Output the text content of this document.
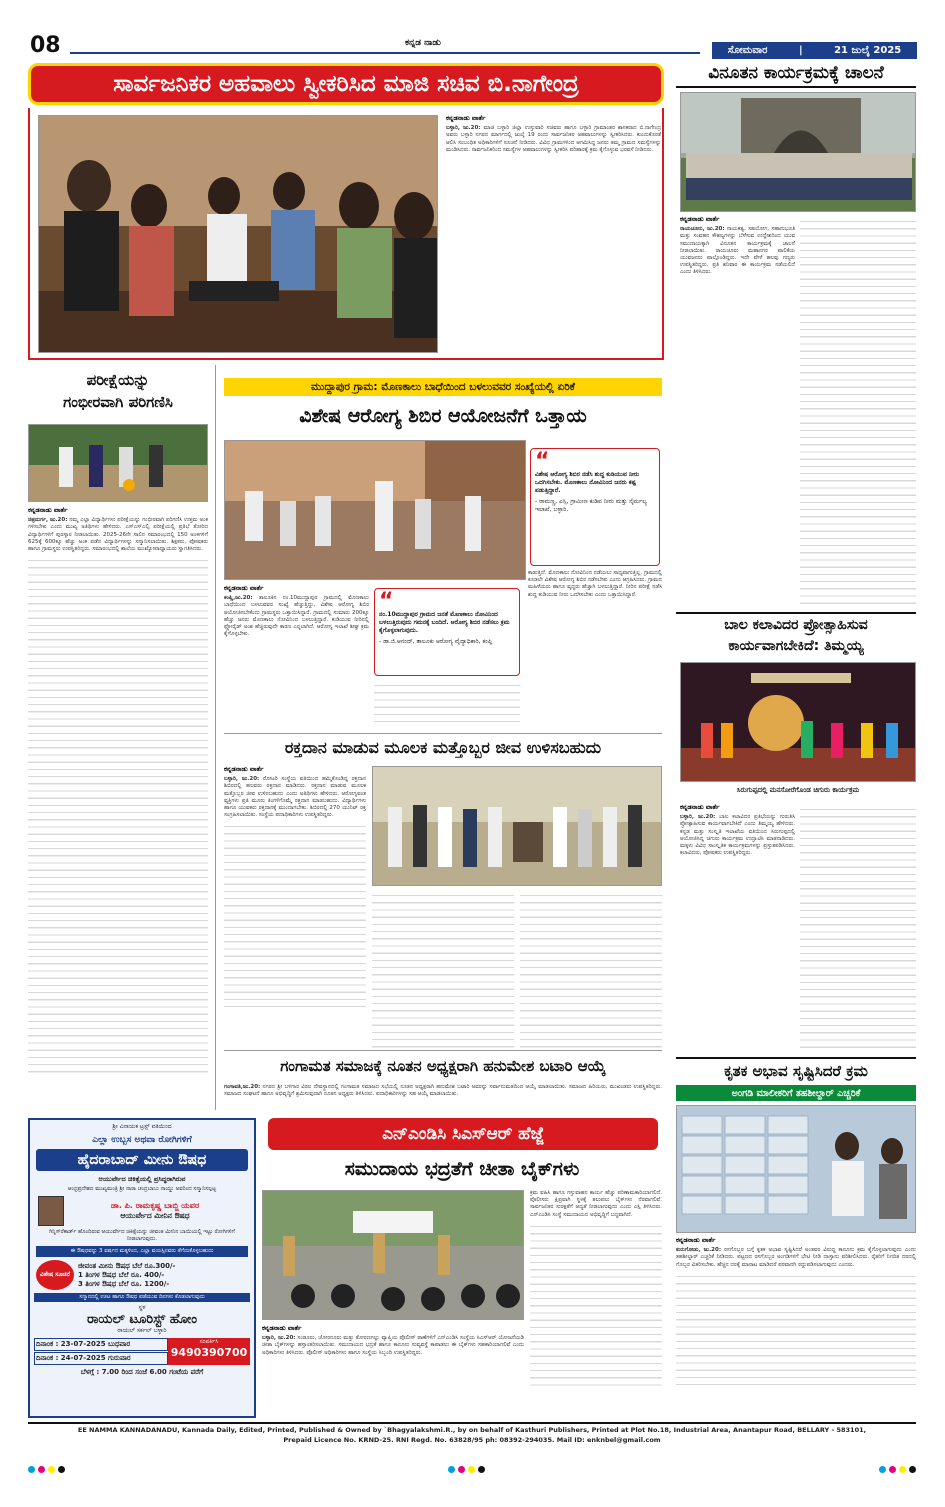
08	ಕನ್ನಡ ನಾಡು
ಸೋಮವಾರ	|	21 ಜುಲೈ 2025
ಸಾರ್ವಜನಿಕರ ಅಹವಾಲು ಸ್ವೀಕರಿಸಿದ ಮಾಜಿ ಸಚಿವ ಬಿ.ನಾಗೇಂದ್ರ

ಕನ್ನಡನಾಡು ವಾರ್ತೆ

ಬಳ್ಳಾರಿ, ಜು.20: ಮಾಜಿ ಬಳ್ಳಾರಿ ಜಿಲ್ಲಾ ಉಸ್ತುವಾರಿ ಸಚಿವರು ಹಾಗೂ ಬಳ್ಳಾರಿ ಗ್ರಾಮಾಂತರ ಶಾಸಕರಾದ ಬಿ.ನಾಗೇಂದ್ರ ಅವರು ಬಳ್ಳಾರಿ ನಗರದ ಮಾರ್ಗದಲ್ಲಿ ಜುಲೈ 19 ರಂದು ಸಾರ್ವಜನಿಕರ ಅಹವಾಲುಗಳನ್ನು ಸ್ವೀಕರಿಸಿದರು. ಕುಂದುಕೊರತೆ ಆಲಿಸಿ ಸಂಬಂಧಿತ ಅಧಿಕಾರಿಗಳಿಗೆ ಸೂಚನೆ ನೀಡಿದರು. ವಿವಿಧ ಗ್ರಾಮಗಳಿಂದ ಆಗಮಿಸಿದ್ದ ಜನರು ತಮ್ಮ ಗ್ರಾಮದ ಸಮಸ್ಯೆಗಳನ್ನು ಮಂಡಿಸಿದರು. ಸಾರ್ವಜನಿಕರಿಂದ ಸಮಸ್ಯೆಗಳ ಅಹವಾಲುಗಳನ್ನು ಸ್ವೀಕರಿಸಿ ಪರಿಹಾರಕ್ಕೆ ಕ್ರಮ ಕೈಗೊಳ್ಳುವ ಭರವಸೆ ನೀಡಿದರು.

ವಿನೂತನ ಕಾರ್ಯಕ್ರಮಕ್ಕೆ ಚಾಲನೆ

ಕನ್ನಡನಾಡು ವಾರ್ತೆ

ರಾಯಚೂರು, ಜು.20: ನಾಯಕತ್ವ, ಸಹಯೋಗ, ಸಹಾನುಭೂತಿ ಮತ್ತು ಸಂವಹನ ಕೌಶಲ್ಯಗಳನ್ನು ಬೆಳೆಸುವ ಉದ್ದೇಶದಿಂದ ಯುವ ಸಮುದಾಯಕ್ಕಾಗಿ ವಿನೂತನ ಕಾರ್ಯಕ್ರಮಕ್ಕೆ ಚಾಲನೆ ನೀಡಲಾಯಿತು. ರಾಯಚೂರು ಮಹಾನಗರ ಪಾಲಿಕೆಯ ಯುವಜನರು ಪಾಲ್ಗೊಂಡಿದ್ದರು. ಇದೇ ವೇಳೆ ಹಲವು ಗಣ್ಯರು ಉಪಸ್ಥಿತರಿದ್ದರು. ಪ್ರತಿ ಶನಿವಾರ ಈ ಕಾರ್ಯಕ್ರಮ ನಡೆಯಲಿದೆ ಎಂದು ತಿಳಿಸಿದರು.

ಪರೀಕ್ಷೆಯನ್ನು
ಗಂಭೀರವಾಗಿ ಪರಿಗಣಿಸಿ

ಕನ್ನಡನಾಡು ವಾರ್ತೆ

ಚಿತ್ರದುರ್ಗ, ಜು.20: ನಮ್ಮ ಎಲ್ಲಾ ವಿದ್ಯಾರ್ಥಿಗಳು ಪರೀಕ್ಷೆಯನ್ನು ಗಂಭೀರವಾಗಿ ಪರಿಗಣಿಸಿ ಉತ್ತಮ ಅಂಕ ಗಳಿಸಬೇಕು ಎಂದು ಮುಖ್ಯ ಅತಿಥಿಗಳು ಹೇಳಿದರು. ಎಸ್ಎಸ್ಎಲ್ಸಿ ಪರೀಕ್ಷೆಯಲ್ಲಿ ಪ್ರತಿಭೆ ತೋರಿದ ವಿದ್ಯಾರ್ಥಿಗಳಿಗೆ ಪುರಸ್ಕಾರ ನೀಡಲಾಯಿತು. 2025-26ನೇ ಸಾಲಿನ ಸಮಾರಂಭದಲ್ಲಿ 150 ಅಂಕಗಳಿಗೆ 625ಕ್ಕೆ 600ಕ್ಕೂ ಹೆಚ್ಚು ಅಂಕ ಪಡೆದ ವಿದ್ಯಾರ್ಥಿಗಳನ್ನು ಸನ್ಮಾನಿಸಲಾಯಿತು. ಶಿಕ್ಷಕರು, ಪೋಷಕರು ಹಾಗೂ ಗ್ರಾಮಸ್ಥರು ಉಪಸ್ಥಿತರಿದ್ದರು. ಸಮಾರಂಭದಲ್ಲಿ ಶಾಲೆಯ ಮುಖ್ಯೋಪಾಧ್ಯಾಯರು ಸ್ವಾಗತಿಸಿದರು.

ಮುದ್ದಾಪುರ ಗ್ರಾಮ: ಮೊಣಕಾಲು ಬಾಧೆಯಿಂದ ಬಳಲುವವರ ಸಂಖ್ಯೆಯಲ್ಲಿ ಏರಿಕೆ
ವಿಶೇಷ ಆರೋಗ್ಯ ಶಿಬಿರ ಆಯೋಜನೆಗೆ ಒತ್ತಾಯ
“
ವಿಶೇಷ ಆರೋಗ್ಯ ಶಿಬಿರ ನಡೆಸಿ ಶುದ್ಧ ಕುಡಿಯುವ ನೀರು ಒದಗಿಸಬೇಕು. ಮೊಣಕಾಲು ನೋವಿನಿಂದ ಜನರು ಕಷ್ಟ ಪಡುತ್ತಿದ್ದಾರೆ.
- ರಾಮಣ್ಣ, ಎಸ್ಸಿ, ಗ್ರಾಮೀಣ ಕುಡಿವ ನೀರು ಮತ್ತು ನೈರ್ಮಲ್ಯ ಇಲಾಖೆ, ಬಳ್ಳಾರಿ.

ಕನ್ನಡನಾಡು ವಾರ್ತೆ

ಕಂಪ್ಲಿ,ಜು.20: ತಾಲೂಕಿನ ನಂ.10ಮುದ್ದಾಪುರ ಗ್ರಾಮದಲ್ಲಿ ಮೊಣಕಾಲು ಬಾಧೆಯಿಂದ ಬಳಲುವವರ ಸಂಖ್ಯೆ ಹೆಚ್ಚುತ್ತಿದ್ದು, ವಿಶೇಷ ಆರೋಗ್ಯ ಶಿಬಿರ ಆಯೋಜಿಸಬೇಕೆಂದು ಗ್ರಾಮಸ್ಥರು ಒತ್ತಾಯಿಸಿದ್ದಾರೆ. ಗ್ರಾಮದಲ್ಲಿ ಸುಮಾರು 200ಕ್ಕೂ ಹೆಚ್ಚು ಜನರು ಮೊಣಕಾಲು ನೋವಿನಿಂದ ಬಳಲುತ್ತಿದ್ದಾರೆ. ಕುಡಿಯುವ ನೀರಿನಲ್ಲಿ ಫ್ಲೋರೈಡ್ ಅಂಶ ಹೆಚ್ಚಿರುವುದೇ ಕಾರಣ ಎನ್ನಲಾಗಿದೆ. ಆರೋಗ್ಯ ಇಲಾಖೆ ಶೀಘ್ರ ಕ್ರಮ ಕೈಗೊಳ್ಳಬೇಕು.

“
ನಂ.10ಮುದ್ದಾಪುರ ಗ್ರಾಮದ ಜನತೆ ಮೊಣಕಾಲು ನೋವಿನಿಂದ ಬಳಲುತ್ತಿರುವುದು ಗಮನಕ್ಕೆ ಬಂದಿದೆ. ಆರೋಗ್ಯ ಶಿಬಿರ ನಡೆಸಲು ಕ್ರಮ ಕೈಗೊಳ್ಳಲಾಗುವುದು.
- ಡಾ.ಜಿ.ಆನಂದ್, ತಾಲೂಕು ಆರೋಗ್ಯ ವೈದ್ಯಾಧಿಕಾರಿ, ಕಂಪ್ಲಿ
ಕಾಡುತ್ತಿದೆ. ಮೊಣಕಾಲು ನೋವಿನಿಂದ ನಡೆಯಲು ಸಾಧ್ಯವಾಗುತ್ತಿಲ್ಲ. ಗ್ರಾಮದಲ್ಲಿ ಕೂಡಲೇ ವಿಶೇಷ ಆರೋಗ್ಯ ಶಿಬಿರ ನಡೆಸಬೇಕು ಎಂದು ಆಗ್ರಹಿಸಿದರು. ಗ್ರಾಮದ ಮಹಿಳೆಯರು ಹಾಗೂ ವೃದ್ಧರು ಹೆಚ್ಚಾಗಿ ಬಳಲುತ್ತಿದ್ದಾರೆ. ನೀರಿನ ಪರೀಕ್ಷೆ ನಡೆಸಿ ಶುದ್ಧ ಕುಡಿಯುವ ನೀರು ಒದಗಿಸಬೇಕು ಎಂದು ಒತ್ತಾಯಿಸಿದ್ದಾರೆ.
ರಕ್ತದಾನ ಮಾಡುವ ಮೂಲಕ ಮತ್ತೊಬ್ಬರ ಜೀವ ಉಳಿಸಬಹುದು

ಕನ್ನಡನಾಡು ವಾರ್ತೆ

ಬಳ್ಳಾರಿ, ಜು.20: ರೋಟರಿ ಸಂಸ್ಥೆಯ ವತಿಯಿಂದ ಹಮ್ಮಿಕೊಂಡಿದ್ದ ರಕ್ತದಾನ ಶಿಬಿರದಲ್ಲಿ ಹಲವರು ರಕ್ತದಾನ ಮಾಡಿದರು. ರಕ್ತದಾನ ಮಾಡುವ ಮೂಲಕ ಮತ್ತೊಬ್ಬರ ಜೀವ ಉಳಿಸಬಹುದು ಎಂದು ಅತಿಥಿಗಳು ಹೇಳಿದರು. ಆರೋಗ್ಯವಂತ ವ್ಯಕ್ತಿಗಳು ಪ್ರತಿ ಮೂರು ತಿಂಗಳಿಗೊಮ್ಮೆ ರಕ್ತದಾನ ಮಾಡಬಹುದು. ವಿದ್ಯಾರ್ಥಿಗಳು ಹಾಗೂ ಯುವಕರು ರಕ್ತದಾನಕ್ಕೆ ಮುಂದಾಗಬೇಕು. ಶಿಬಿರದಲ್ಲಿ 270 ಯುನಿಟ್ ರಕ್ತ ಸಂಗ್ರಹಿಸಲಾಯಿತು. ಸಂಸ್ಥೆಯ ಪದಾಧಿಕಾರಿಗಳು ಉಪಸ್ಥಿತರಿದ್ದರು.

ಗಂಗಾಮತ ಸಮಾಜಕ್ಕೆ ನೂತನ ಅಧ್ಯಕ್ಷರಾಗಿ ಹನುಮೇಶ ಬಟಾರಿ ಆಯ್ಕೆ
ಗಂಗಾವತಿ,ಜು.20: ನಗರದ ಶ್ರೀ ಬಳಿಗಾರ ವಿಠಲ ದೇವಸ್ಥಾನದಲ್ಲಿ ಗಂಗಾಮತ ಸಮಾಜದ ಸಭೆಯಲ್ಲಿ ನೂತನ ಅಧ್ಯಕ್ಷರಾಗಿ ಹನುಮೇಶ ಬಟಾರಿ ಅವರನ್ನು ಸರ್ವಾನುಮತದಿಂದ ಆಯ್ಕೆ ಮಾಡಲಾಯಿತು. ಸಮಾಜದ ಹಿರಿಯರು, ಮುಖಂಡರು ಉಪಸ್ಥಿತರಿದ್ದರು. ಸಮಾಜದ ಸಂಘಟನೆ ಹಾಗೂ ಅಭಿವೃದ್ಧಿಗೆ ಶ್ರಮಿಸುವುದಾಗಿ ನೂತನ ಅಧ್ಯಕ್ಷರು ತಿಳಿಸಿದರು. ಪದಾಧಿಕಾರಿಗಳನ್ನು ಸಹ ಆಯ್ಕೆ ಮಾಡಲಾಯಿತು.
ಬಾಲ ಕಲಾವಿದರ ಪ್ರೋತ್ಸಾಹಿಸುವ
ಕಾರ್ಯವಾಗಬೇಕಿದೆ: ತಿಮ್ಮಯ್ಯ
ಸಿರುಗುಪ್ಪದಲ್ಲಿ ಮನಸೋರೆಗೊಂಡ ಚಿಗುರು ಕಾರ್ಯಕ್ರಮ

ಕನ್ನಡನಾಡು ವಾರ್ತೆ

ಬಳ್ಳಾರಿ, ಜು.20: ಬಾಲ ಕಲಾವಿದರ ಪ್ರತಿಭೆಯನ್ನು ಗುರುತಿಸಿ ಪ್ರೋತ್ಸಾಹಿಸುವ ಕಾರ್ಯವಾಗಬೇಕಿದೆ ಎಂದು ತಿಮ್ಮಯ್ಯ ಹೇಳಿದರು. ಕನ್ನಡ ಮತ್ತು ಸಂಸ್ಕೃತಿ ಇಲಾಖೆಯ ವತಿಯಿಂದ ಸಿರುಗುಪ್ಪದಲ್ಲಿ ಆಯೋಜಿಸಿದ್ದ ಚಿಗುರು ಕಾರ್ಯಕ್ರಮ ಉದ್ಘಾಟಿಸಿ ಮಾತನಾಡಿದರು. ಮಕ್ಕಳು ವಿವಿಧ ಸಾಂಸ್ಕೃತಿಕ ಕಾರ್ಯಕ್ರಮಗಳನ್ನು ಪ್ರಸ್ತುತಪಡಿಸಿದರು. ಕಲಾವಿದರು, ಪೋಷಕರು ಉಪಸ್ಥಿತರಿದ್ದರು.

ಕೃತಕ ಅಭಾವ ಸೃಷ್ಟಿಸಿದರೆ ಕ್ರಮ
ಅಂಗಡಿ ಮಾಲೀಕರಿಗೆ ತಹಶೀಲ್ದಾರ್ ಎಚ್ಚರಿಕೆ

ಕನ್ನಡನಾಡು ವಾರ್ತೆ

ಕುರುಗೋಡು, ಜು.20: ರಸಗೊಬ್ಬರ ಬಗ್ಗೆ ಕೃತಕ ಅಭಾವ ಸೃಷ್ಟಿಸಿದರೆ ಅಂತವರ ವಿರುದ್ಧ ಕಾನೂನು ಕ್ರಮ ಕೈಗೊಳ್ಳಲಾಗುವುದು ಎಂದು ತಹಶೀಲ್ದಾರ್ ಎಚ್ಚರಿಕೆ ನೀಡಿದರು. ಪಟ್ಟಣದ ರಸಗೊಬ್ಬರ ಅಂಗಡಿಗಳಿಗೆ ಭೇಟಿ ನೀಡಿ ದಾಸ್ತಾನು ಪರಿಶೀಲಿಸಿದರು. ರೈತರಿಗೆ ನಿಗದಿತ ದರದಲ್ಲಿ ಗೊಬ್ಬರ ವಿತರಿಸಬೇಕು. ಹೆಚ್ಚಿನ ದರಕ್ಕೆ ಮಾರಾಟ ಮಾಡಿದರೆ ಪರವಾನಗಿ ರದ್ದುಪಡಿಸಲಾಗುವುದು ಎಂದರು.

ಶ್ರೀ ವಿನಾಯಕ ಟ್ರಸ್ಟ್ ವತಿಯಿಂದ
ಎಲ್ಲಾ ಉಬ್ಬಸ ಅಥವಾ ರೋಗಿಗಳಿಗೆ
ಹೈದರಾಬಾದ್ ಮೀನು ಔಷಧ
ಆಯುರ್ವೇದ ಚಿಕಿತ್ಸೆಯಲ್ಲಿ ಪ್ರಸಿದ್ಧರಾಗಿರುವ
ಆಂಧ್ರಪ್ರದೇಶದ ಮುಖ್ಯಮಂತ್ರಿ ಶ್ರೀ ನಾರಾ ಚಂದ್ರಬಾಬು ನಾಯ್ಡು ಅವರಿಂದ ಸನ್ಮಾನಿಸಲ್ಪಟ್ಟ
ಡಾ. ಪಿ. ರಾಮಕೃಷ್ಣ ಬಾಬ್ಜಿ ಯವರ
ಆಯುರ್ವೇದ ಮೀನಿನ ಔಷಧ
ಗಿನ್ನಿಸ್‌ರೆಕಾರ್ಡ್ ಹೊಂದಿರುವ ಆಯುರ್ವೇದ ಚಿಕಿತ್ಸೆಯನ್ನು ಜೀವಂತ ಮೀನಿನ ಬಾಯಿಯಲ್ಲಿ ಇಟ್ಟು ರೋಗಿಗಳಿಗೆ ನೀಡಲಾಗುವುದು.
ಈ ಔಷಧವನ್ನು 3 ವರ್ಷದ ಮಕ್ಕಳಿಂದ, ಎಲ್ಲಾ ವಯಸ್ಸಿನವರು ತೆಗೆದುಕೊಳ್ಳಬಹುದು
ವಿಶೇಷ ಸೂಚನೆ
ಜೀವಂತ ಮೀನು ಔಷಧ ಬೆಲೆ ರೂ.300/-
1 ತಿಂಗಳ ಔಷಧ ಬೆಲೆ ರೂ. 400/-
3 ತಿಂಗಳ ಔಷಧ ಬೆಲೆ ರೂ. 1200/-
ಸನ್ಮಾನದಲ್ಲಿ ಊಟ ಹಾಗೂ ಔಷಧ ಪಡೆಯುವ ದಿನಗಳು ಕೊಡಲಾಗುವುದು
ಸ್ಥಳ
ರಾಯಲ್ ಟೂರಿಸ್ಟ್ ಹೋಂ
ರಾಯಲ್ ಸರ್ಕಲ್ ಬಳ್ಳಾರಿ
ದಿನಾಂಕ : 23-07-2025 ಬುಧವಾರ
ದಿನಾಂಕ : 24-07-2025 ಗುರುವಾರ
ಸಂಪರ್ಕಿಸಿ
9490390700
ಬೆಳಗ್ಗೆ : 7.00 ರಿಂದ ಸಂಜೆ 6.00 ಗಂಟೆಯ ವರೆಗೆ
ಎನ್ಎಂಡಿಸಿ ಸಿಎಸ್ಆರ್ ಹೆಜ್ಜೆ
ಸಮುದಾಯ ಭದ್ರತೆಗೆ ಚೀತಾ ಬೈಕ್‌ಗಳು

ಕನ್ನಡನಾಡು ವಾರ್ತೆ

ಬಳ್ಳಾರಿ, ಜು.20: ಸಂಡೂರು, ಚೋರನೂರು ಮತ್ತು ತೋರಣಗಲ್ಲು ವ್ಯಾಪ್ತಿಯ ಪೊಲೀಸ್ ಠಾಣೆಗಳಿಗೆ ಎನ್ಎಂಡಿಸಿ ಸಂಸ್ಥೆಯ ಸಿಎಸ್ಆರ್ ಯೋಜನೆಯಡಿ ಚೀತಾ ಬೈಕ್‌ಗಳನ್ನು ಹಸ್ತಾಂತರಿಸಲಾಯಿತು. ಸಮುದಾಯದ ಭದ್ರತೆ ಹಾಗೂ ಕಾನೂನು ಸುವ್ಯವಸ್ಥೆ ಕಾಪಾಡಲು ಈ ಬೈಕ್‌ಗಳು ಸಹಕಾರಿಯಾಗಲಿವೆ ಎಂದು ಅಧಿಕಾರಿಗಳು ತಿಳಿಸಿದರು. ಪೊಲೀಸ್ ಅಧಿಕಾರಿಗಳು ಹಾಗೂ ಸಂಸ್ಥೆಯ ಸಿಬ್ಬಂದಿ ಉಪಸ್ಥಿತರಿದ್ದರು.

ಕ್ರಮ ವಹಿಸಿ ಹಾಗೂ ಗಸ್ತುವಾಹನ ಕಾರ್ಯ ಹೆಚ್ಚು ಪರಿಣಾಮಕಾರಿಯಾಗಲಿದೆ. ಪೊಲೀಸರು ಕ್ಷಿಪ್ರವಾಗಿ ಸ್ಥಳಕ್ಕೆ ತಲುಪಲು ಬೈಕ್‌ಗಳು ನೆರವಾಗಲಿವೆ. ಸಾರ್ವಜನಿಕರ ಸುರಕ್ಷತೆಗೆ ಆದ್ಯತೆ ನೀಡಲಾಗುವುದು ಎಂದು ಎಸ್ಪಿ ತಿಳಿಸಿದರು. ಎನ್ಎಂಡಿಸಿ ಸಂಸ್ಥೆ ಸಮುದಾಯದ ಅಭಿವೃದ್ಧಿಗೆ ಬದ್ಧವಾಗಿದೆ.
EE NAMMA KANNADANADU, Kannada Daily, Edited, Printed, Published & Owned by `Bhagyalakshmi.R., by on behalf of Kasthuri Publishers, Printed at Plot No.18, Industrial Area, Anantapur Road, BELLARY - 583101,
Prepaid Licence No. KRND-25. RNI Regd. No. 63828/95 ph: 08392-294035. Mail ID: enknbel@gmail.com
